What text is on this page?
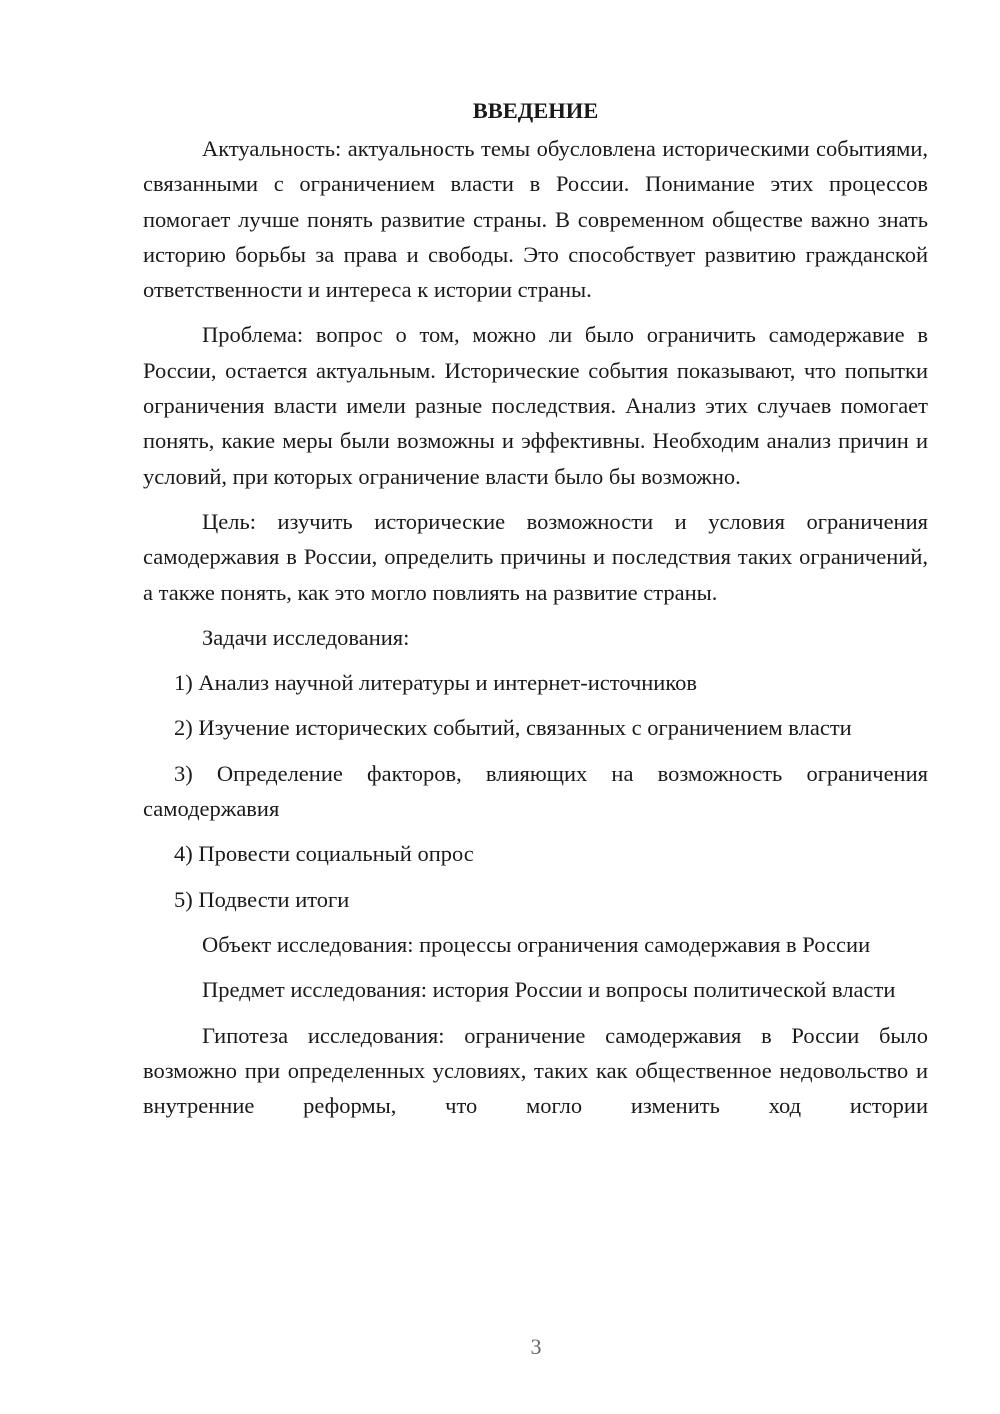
ВВЕДЕНИЕ

Актуальность: актуальность темы обусловлена историческими событиями, связанными с ограничением власти в России. Понимание этих процессов помогает лучше понять развитие страны. В современном обществе важно знать историю борьбы за права и свободы. Это способствует развитию гражданской ответственности и интереса к истории страны.

Проблема: вопрос о том, можно ли было ограничить самодержавие в России, остается актуальным. Исторические события показывают, что попытки ограничения власти имели разные последствия. Анализ этих случаев помогает понять, какие меры были возможны и эффективны. Необходим анализ причин и условий, при которых ограничение власти было бы возможно.

Цель: изучить исторические возможности и условия ограничения самодержавия в России, определить причины и последствия таких ограничений, а также понять, как это могло повлиять на развитие страны.

Задачи исследования:

1) Анализ научной литературы и интернет-источников

2) Изучение исторических событий, связанных с ограничением власти

3) Определение факторов, влияющих на возможность ограничения самодержавия

4) Провести социальный опрос

5) Подвести итоги

Объект исследования: процессы ограничения самодержавия в России

Предмет исследования: история России и вопросы политической власти

Гипотеза исследования: ограничение самодержавия в России было возможно при определенных условиях, таких как общественное недовольство и внутренние реформы, что могло изменить ход истории

3
